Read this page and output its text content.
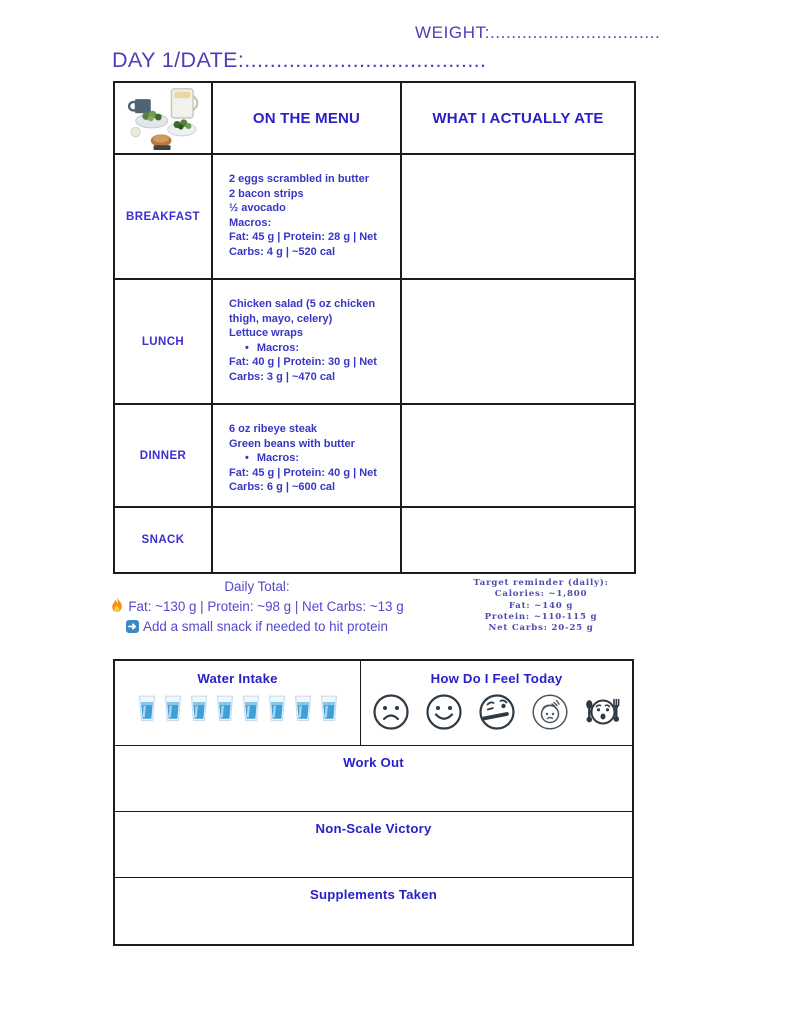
WEIGHT:................................
DAY 1/DATE:......................................
ON THE MENU	WHAT I ACTUALLY ATE
BREAKFAST
2 eggs scrambled in butter
2 bacon strips
½ avocado
Macros:
Fat: 45 g | Protein: 28 g | Net Carbs: 4 g | ~520 cal
LUNCH
Chicken salad (5 oz chicken thigh, mayo, celery)
Lettuce wraps
• Macros:
Fat: 40 g | Protein: 30 g | Net Carbs: 3 g | ~470 cal
DINNER
6 oz ribeye steak
Green beans with butter
• Macros:
Fat: 45 g | Protein: 40 g | Net Carbs: 6 g | ~600 cal
SNACK
Daily Total:
Fat: ~130 g | Protein: ~98 g | Net Carbs: ~13 g
Add a small snack if needed to hit protein
Target reminder (daily):
Calories: ~1,800
Fat: ~140 g
Protein: ~110-115 g
Net Carbs: 20-25 g
Water Intake	How Do I Feel Today
Work Out
Non-Scale Victory
Supplements Taken
